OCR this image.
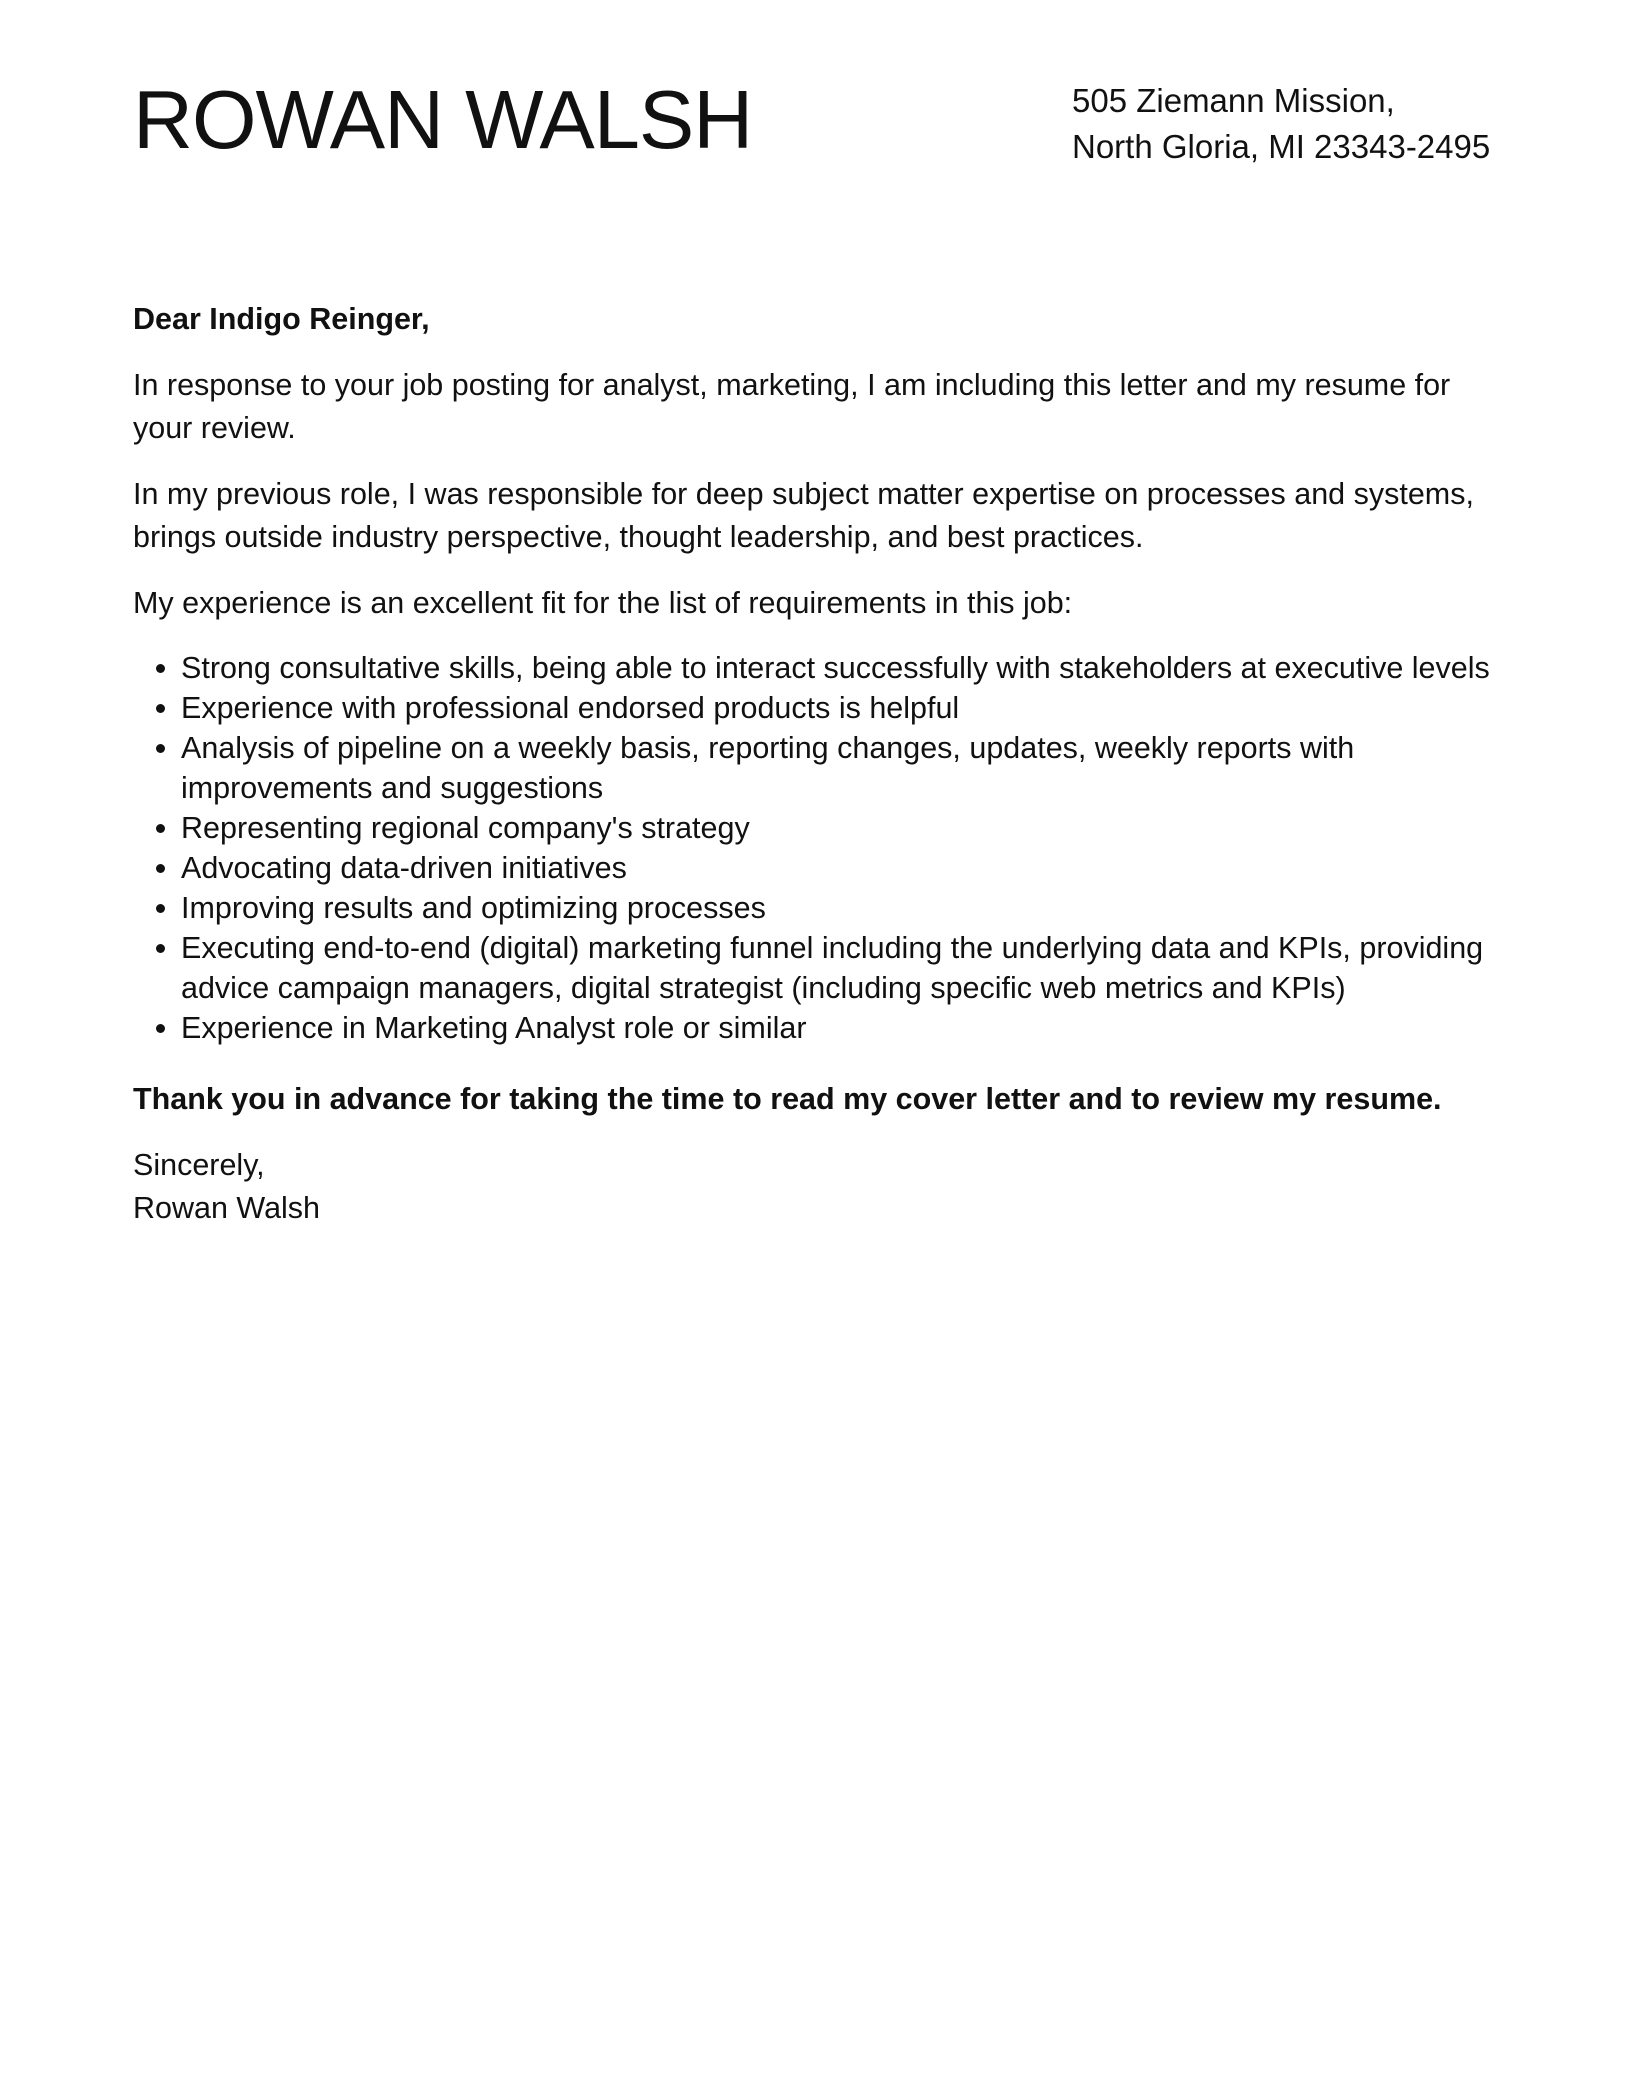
ROWAN WALSH	505 Ziemann Mission,
North Gloria, MI 23343-2495

Dear Indigo Reinger,

In response to your job posting for analyst, marketing, I am including this letter and my resume for your review.

In my previous role, I was responsible for deep subject matter expertise on processes and systems, brings outside industry perspective, thought leadership, and best practices.

My experience is an excellent fit for the list of requirements in this job:

• Strong consultative skills, being able to interact successfully with stakeholders at executive levels
• Experience with professional endorsed products is helpful
• Analysis of pipeline on a weekly basis, reporting changes, updates, weekly reports with improvements and suggestions
• Representing regional company's strategy
• Advocating data-driven initiatives
• Improving results and optimizing processes
• Executing end-to-end (digital) marketing funnel including the underlying data and KPIs, providing advice campaign managers, digital strategist (including specific web metrics and KPIs)
• Experience in Marketing Analyst role or similar

Thank you in advance for taking the time to read my cover letter and to review my resume.

Sincerely,
Rowan Walsh
